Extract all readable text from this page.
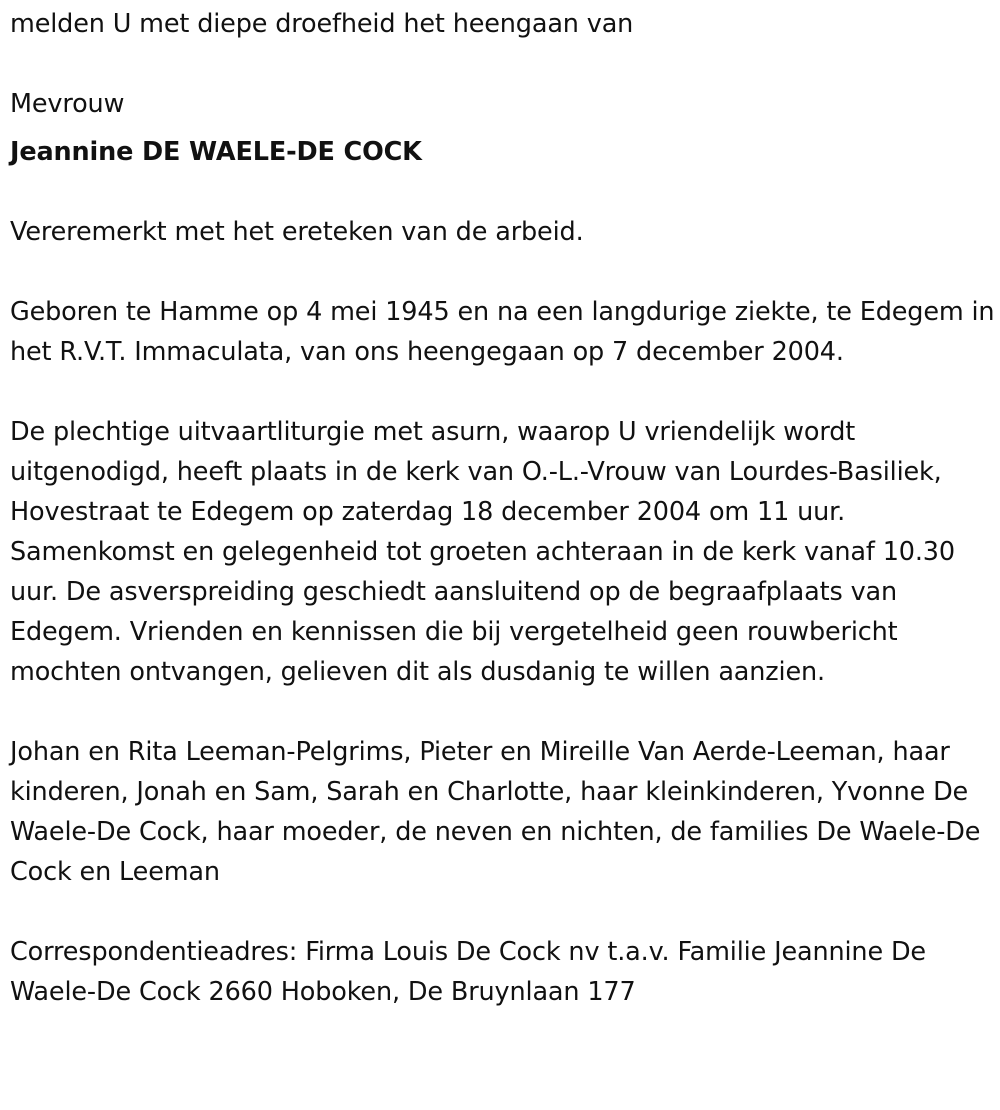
melden U met diepe droefheid het heengaan van

Mevrouw

Jeannine DE WAELE-DE COCK

Vereremerkt met het ereteken van de arbeid.

Geboren te Hamme op 4 mei 1945 en na een langdurige ziekte, te Edegem in het R.V.T. Immaculata, van ons heengegaan op 7 december 2004.

De plechtige uitvaartliturgie met asurn, waarop U vriendelijk wordt uitgenodigd, heeft plaats in de kerk van O.-L.-Vrouw van Lourdes-Basiliek, Hovestraat te Edegem op zaterdag 18 december 2004 om 11 uur. Samenkomst en gelegenheid tot groeten achteraan in de kerk vanaf 10.30 uur. De asverspreiding geschiedt aansluitend op de begraafplaats van Edegem. Vrienden en kennissen die bij vergetelheid geen rouwbericht mochten ontvangen, gelieven dit als dusdanig te willen aanzien.

Johan en Rita Leeman-Pelgrims, Pieter en Mireille Van Aerde-Leeman, haar kinderen, Jonah en Sam, Sarah en Charlotte, haar kleinkinderen, Yvonne De Waele-De Cock, haar moeder, de neven en nichten, de families De Waele-De Cock en Leeman

Correspondentieadres: Firma Louis De Cock nv t.a.v. Familie Jeannine De Waele-De Cock 2660 Hoboken, De Bruynlaan 177
